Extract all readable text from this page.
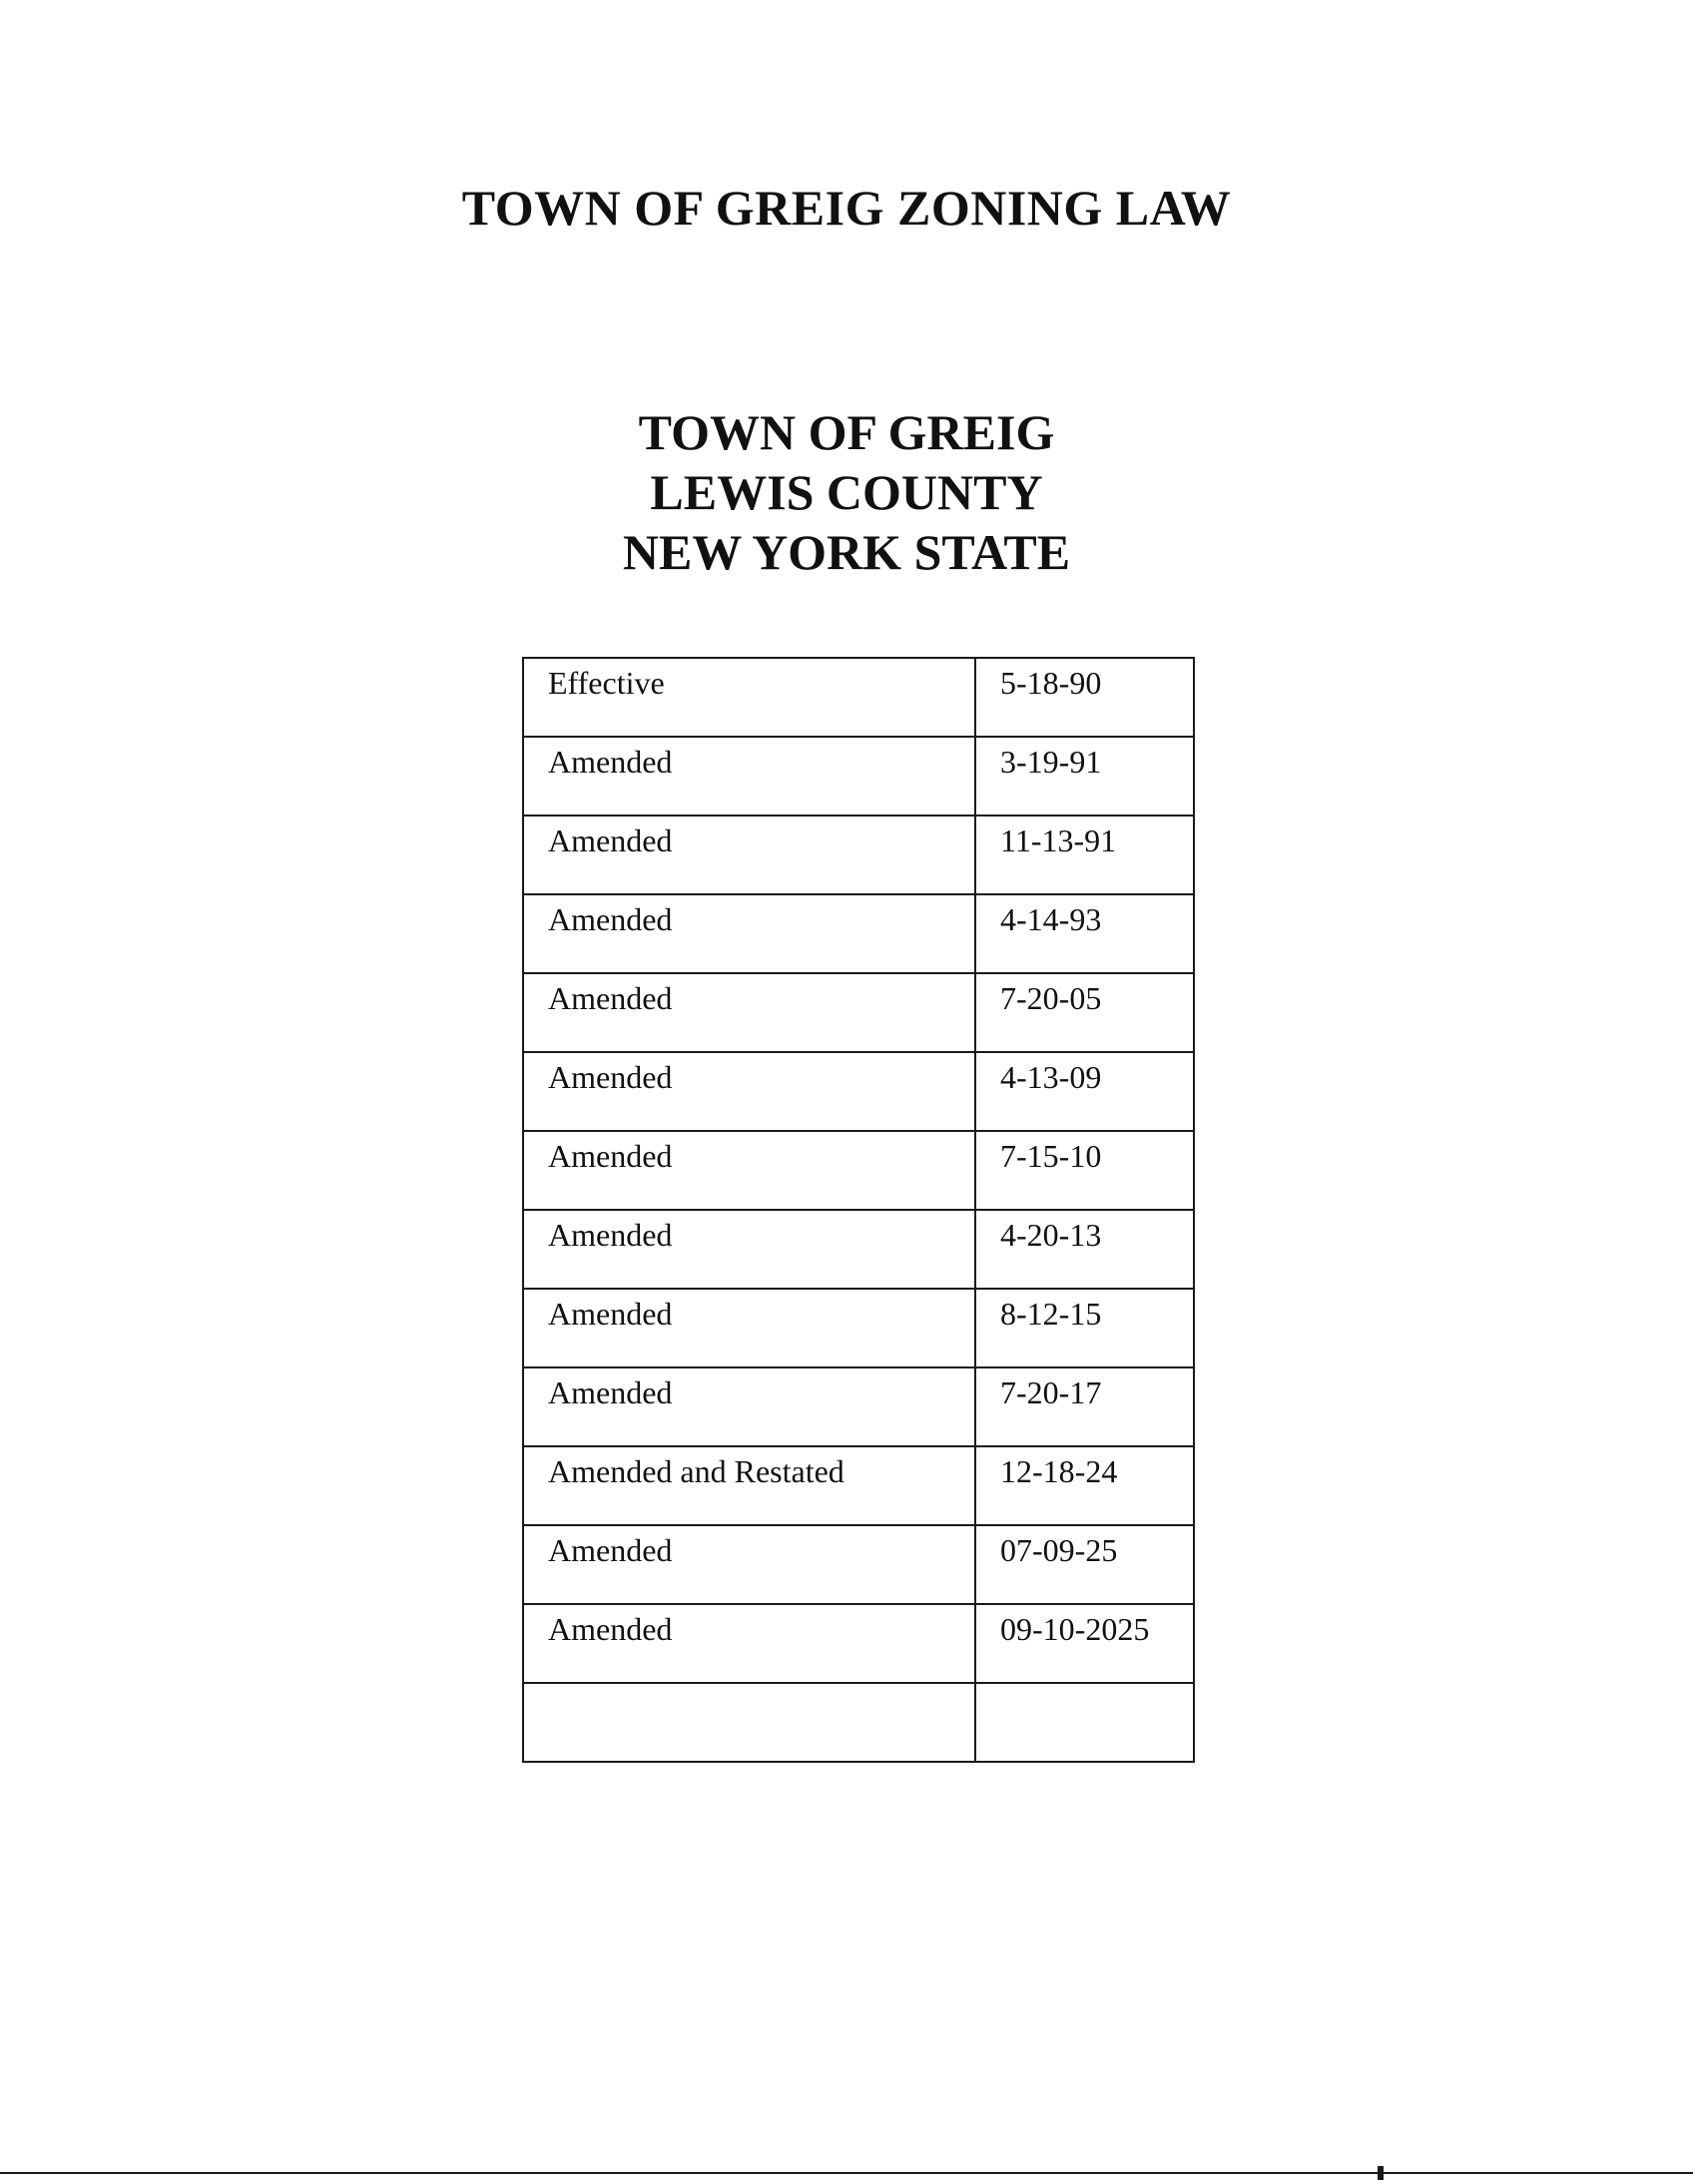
TOWN OF GREIG ZONING LAW
TOWN OF GREIG
LEWIS COUNTY
NEW YORK STATE
Effective	5-18-90
Amended	3-19-91
Amended	11-13-91
Amended	4-14-93
Amended	7-20-05
Amended	4-13-09
Amended	7-15-10
Amended	4-20-13
Amended	8-12-15
Amended	7-20-17
Amended and Restated	12-18-24
Amended	07-09-25
Amended	09-10-2025
